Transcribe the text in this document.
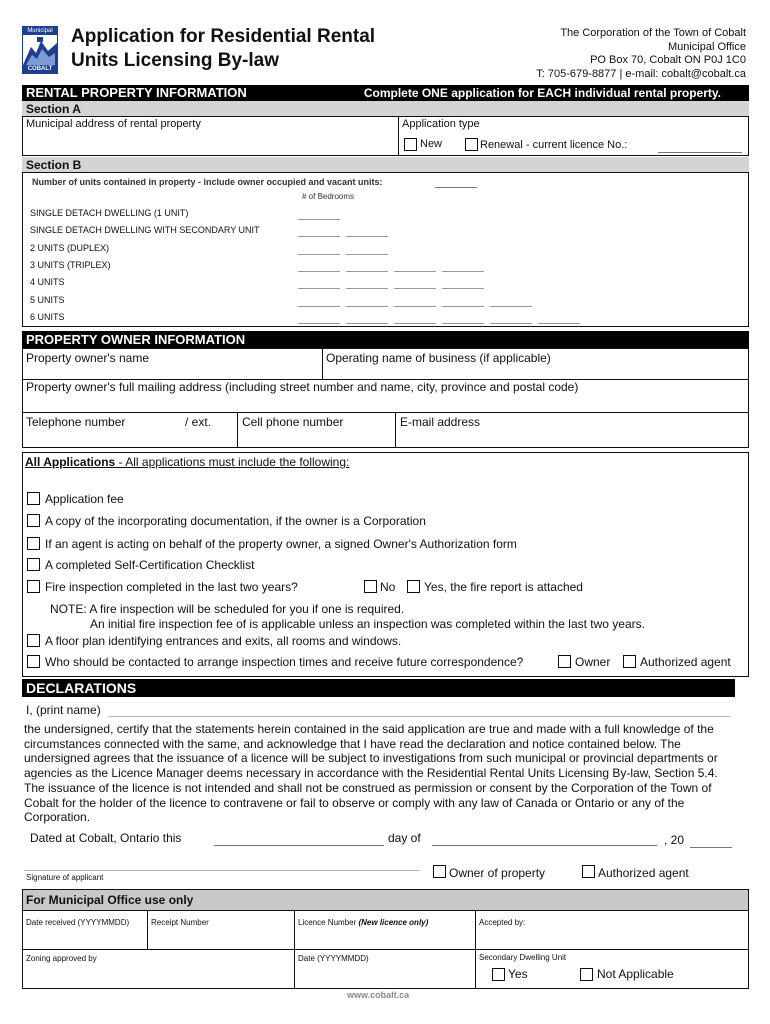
Municipal
COBALT
Application for Residential Rental
Units Licensing By-law
The Corporation of the Town of Cobalt
Municipal Office
PO Box 70, Cobalt ON P0J 1C0
T: 705-679-8877 | e-mail: cobalt@cobalt.ca
RENTAL PROPERTY INFORMATION	Complete ONE application for EACH individual rental property.
Section A
Municipal address of rental property	Application type
New	Renewal - current licence No.:
Section B
Number of units contained in property - include owner occupied and vacant units:
# of Bedrooms
SINGLE DETACH DWELLING (1 UNIT)
SINGLE DETACH DWELLING WITH SECONDARY UNIT
2 UNITS (DUPLEX)
3 UNITS (TRIPLEX)
4 UNITS
5 UNITS
6 UNITS
PROPERTY OWNER INFORMATION
Property owner's name	Operating name of business (if applicable)
Property owner's full mailing address (including street number and name, city, province and postal code)
Telephone number	/ ext.	Cell phone number	E-mail address
All Applications - All applications must include the following:
Application fee
A copy of the incorporating documentation, if the owner is a Corporation
If an agent is acting on behalf of the property owner, a signed Owner's Authorization form
A completed Self-Certification Checklist
Fire inspection completed in the last two years?	No Yes, the fire report is attached
NOTE: A fire inspection will be scheduled for you if one is required.
An initial fire inspection fee of is applicable unless an inspection was completed within the last two years.
A floor plan identifying entrances and exits, all rooms and windows.
Who should be contacted to arrange inspection times and receive future correspondence?	Owner Authorized agent
DECLARATIONS
I, (print name)
the undersigned, certify that the statements herein contained in the said application are true and made with a full knowledge of the
circumstances connected with the same, and acknowledge that I have read the declaration and notice contained below. The
undersigned agrees that the issuance of a licence will be subject to investigations from such municipal or provincial departments or
agencies as the Licence Manager deems necessary in accordance with the Residential Rental Units Licensing By-law, Section 5.4.
The issuance of the licence is not intended and shall not be construed as permission or consent by the Corporation of the Town of
Cobalt for the holder of the licence to contravene or fail to observe or comply with any law of Canada or Ontario or any of the
Corporation.
Dated at Cobalt, Ontario this	day of	, 20
Signature of applicant	Owner of property	Authorized agent
For Municipal Office use only
Date received (YYYYMMDD)	Receipt Number	Licence Number (New licence only)	Accepted by:
Zoning approved by	Date (YYYYMMDD)	Secondary Dwelling Unit
Yes	Not Applicable
www.cobalt.ca
